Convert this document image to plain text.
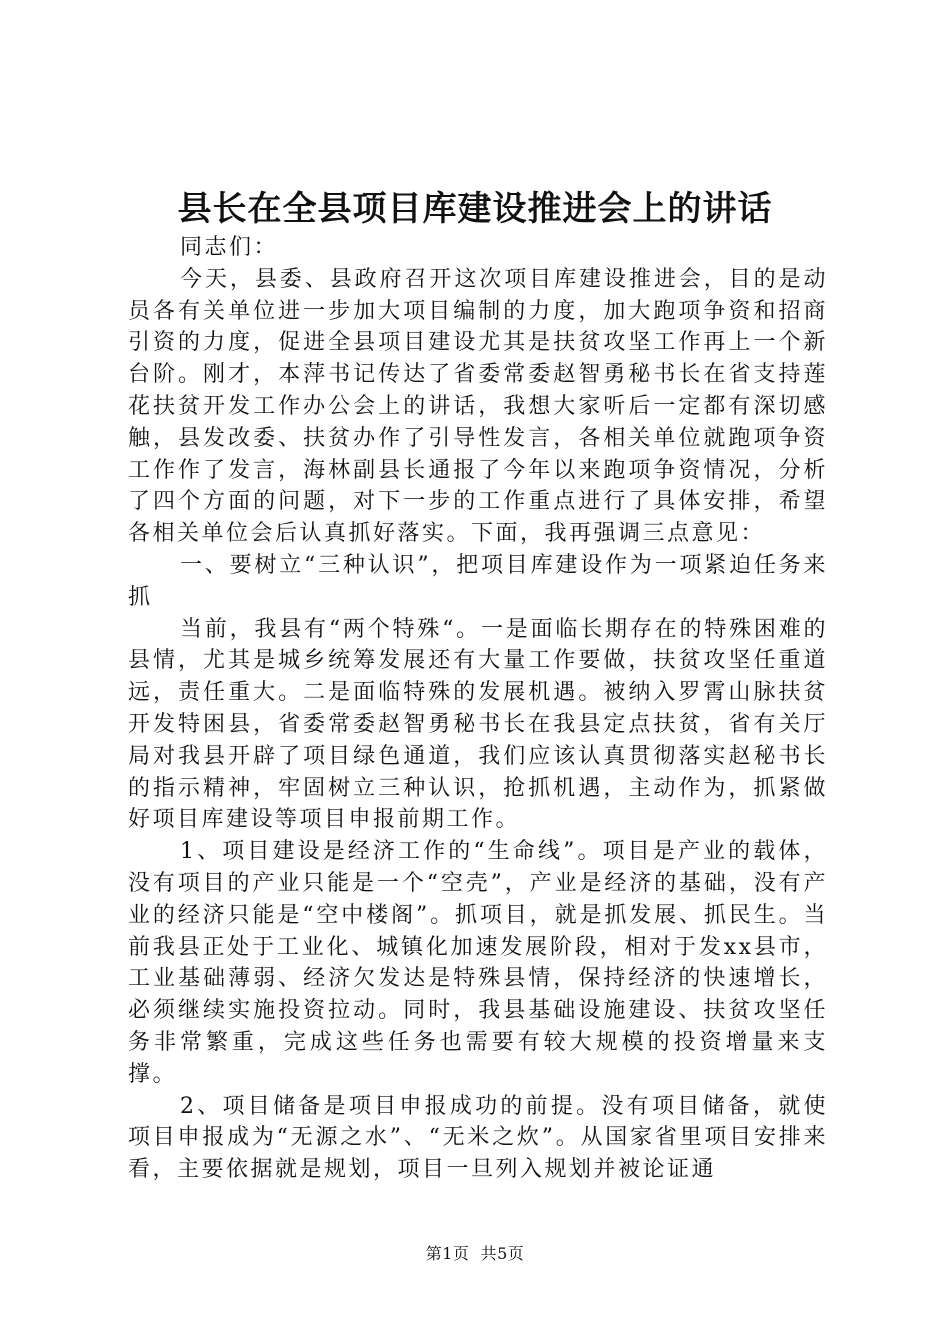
县长在全县项目库建设推进会上的讲话

同志们：

今天，县委、县政府召开这次项目库建设推进会，目的是动员各有关单位进一步加大项目编制的力度，加大跑项争资和招商引资的力度，促进全县项目建设尤其是扶贫攻坚工作再上一个新台阶。刚才，本萍书记传达了省委常委赵智勇秘书长在省支持莲花扶贫开发工作办公会上的讲话，我想大家听后一定都有深切感触，县发改委、扶贫办作了引导性发言，各相关单位就跑项争资工作作了发言，海林副县长通报了今年以来跑项争资情况，分析了四个方面的问题，对下一步的工作重点进行了具体安排，希望各相关单位会后认真抓好落实。下面，我再强调三点意见：

一、要树立“三种认识”，把项目库建设作为一项紧迫任务来抓

当前，我县有“两个特殊“。一是面临长期存在的特殊困难的县情，尤其是城乡统筹发展还有大量工作要做，扶贫攻坚任重道远，责任重大。二是面临特殊的发展机遇。被纳入罗霄山脉扶贫开发特困县，省委常委赵智勇秘书长在我县定点扶贫，省有关厅局对我县开辟了项目绿色通道，我们应该认真贯彻落实赵秘书长的指示精神，牢固树立三种认识，抢抓机遇，主动作为，抓紧做好项目库建设等项目申报前期工作。

1、项目建设是经济工作的“生命线”。项目是产业的载体，没有项目的产业只能是一个“空壳”，产业是经济的基础，没有产业的经济只能是“空中楼阁”。抓项目，就是抓发展、抓民生。当前我县正处于工业化、城镇化加速发展阶段，相对于发xx县市，工业基础薄弱、经济欠发达是特殊县情，保持经济的快速增长，必须继续实施投资拉动。同时，我县基础设施建设、扶贫攻坚任务非常繁重，完成这些任务也需要有较大规模的投资增量来支撑。

2、项目储备是项目申报成功的前提。没有项目储备，就使项目申报成为“无源之水”、“无米之炊”。从国家省里项目安排来看，主要依据就是规划，项目一旦列入规划并被论证通

第1页  共5页
